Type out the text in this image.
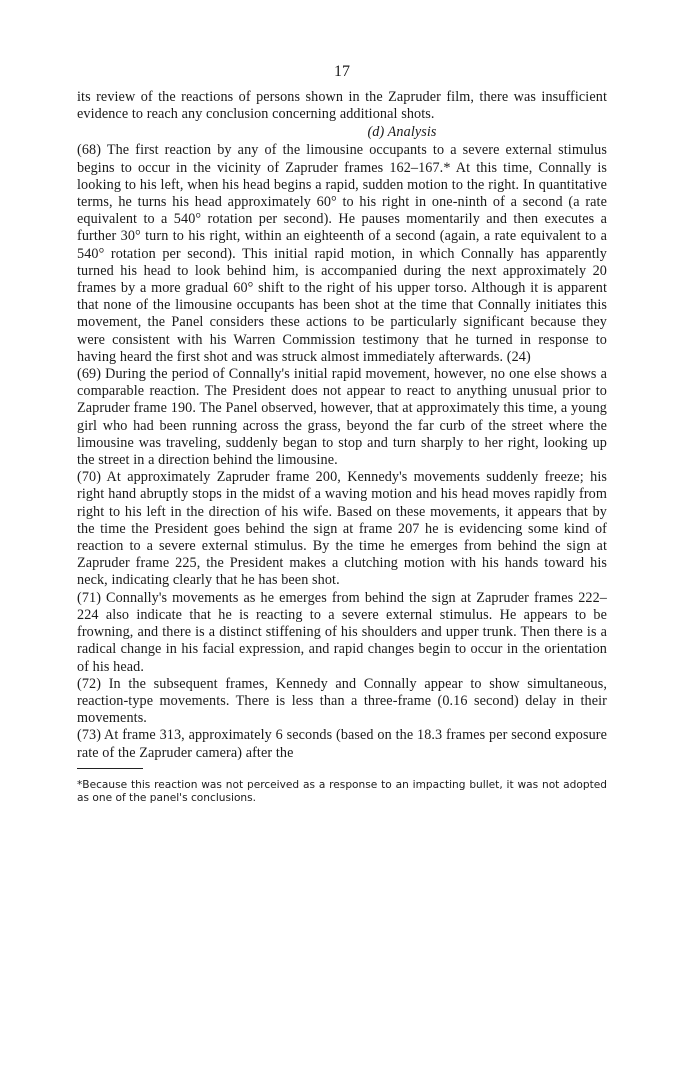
17

its review of the reactions of persons shown in the Zapruder film, there was insufficient evidence to reach any conclusion concerning additional shots.

(d) Analysis

(68) The first reaction by any of the limousine occupants to a severe external stimulus begins to occur in the vicinity of Zapruder frames 162–167.* At this time, Connally is looking to his left, when his head begins a rapid, sudden motion to the right. In quantitative terms, he turns his head approximately 60° to his right in one-ninth of a second (a rate equivalent to a 540° rotation per second). He pauses momentarily and then executes a further 30° turn to his right, within an eighteenth of a second (again, a rate equivalent to a 540° rotation per second). This initial rapid motion, in which Connally has apparently turned his head to look behind him, is accompanied during the next approximately 20 frames by a more gradual 60° shift to the right of his upper torso. Although it is apparent that none of the limousine occupants has been shot at the time that Connally initiates this movement, the Panel considers these actions to be particularly significant because they were consistent with his Warren Commission testimony that he turned in response to having heard the first shot and was struck almost immediately afterwards. (24)

(69) During the period of Connally's initial rapid movement, however, no one else shows a comparable reaction. The President does not appear to react to anything unusual prior to Zapruder frame 190. The Panel observed, however, that at approximately this time, a young girl who had been running across the grass, beyond the far curb of the street where the limousine was traveling, suddenly began to stop and turn sharply to her right, looking up the street in a direction behind the limousine.

(70) At approximately Zapruder frame 200, Kennedy's movements suddenly freeze; his right hand abruptly stops in the midst of a waving motion and his head moves rapidly from right to his left in the direction of his wife. Based on these movements, it appears that by the time the President goes behind the sign at frame 207 he is evidencing some kind of reaction to a severe external stimulus. By the time he emerges from behind the sign at Zapruder frame 225, the President makes a clutching motion with his hands toward his neck, indicating clearly that he has been shot.

(71) Connally's movements as he emerges from behind the sign at Zapruder frames 222–224 also indicate that he is reacting to a severe external stimulus. He appears to be frowning, and there is a distinct stiffening of his shoulders and upper trunk. Then there is a radical change in his facial expression, and rapid changes begin to occur in the orientation of his head.

(72) In the subsequent frames, Kennedy and Connally appear to show simultaneous, reaction-type movements. There is less than a three-frame (0.16 second) delay in their movements.

(73) At frame 313, approximately 6 seconds (based on the 18.3 frames per second exposure rate of the Zapruder camera) after the

*Because this reaction was not perceived as a response to an impacting bullet, it was not adopted as one of the panel's conclusions.
